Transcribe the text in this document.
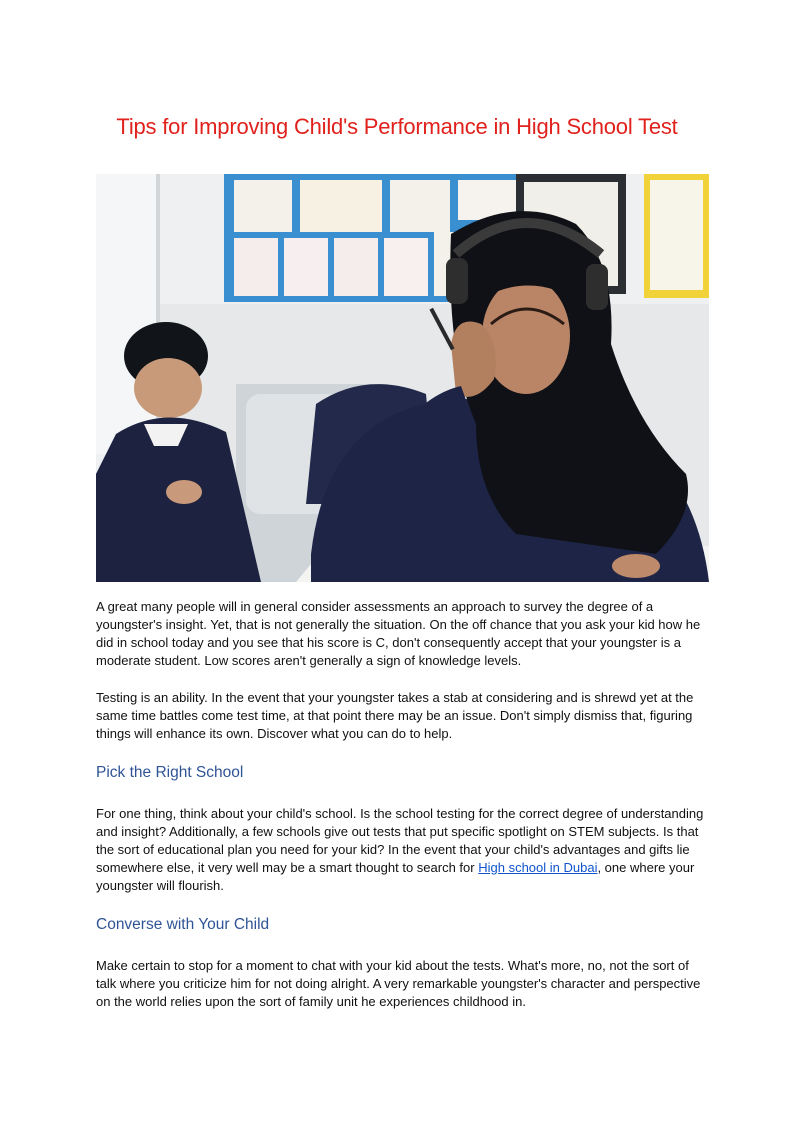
Tips for Improving Child's Performance in High School Test

A great many people will in general consider assessments an approach to survey the degree of a youngster's insight. Yet, that is not generally the situation. On the off chance that you ask your kid how he did in school today and you see that his score is C, don't consequently accept that your youngster is a moderate student. Low scores aren't generally a sign of knowledge levels.

Testing is an ability. In the event that your youngster takes a stab at considering and is shrewd yet at the same time battles come test time, at that point there may be an issue. Don't simply dismiss that, figuring things will enhance its own. Discover what you can do to help.

Pick the Right School

For one thing, think about your child's school. Is the school testing for the correct degree of understanding and insight? Additionally, a few schools give out tests that put specific spotlight on STEM subjects. Is that the sort of educational plan you need for your kid? In the event that your child's advantages and gifts lie somewhere else, it very well may be a smart thought to search for High school in Dubai, one where your youngster will flourish.

Converse with Your Child

Make certain to stop for a moment to chat with your kid about the tests. What's more, no, not the sort of talk where you criticize him for not doing alright. A very remarkable youngster's character and perspective on the world relies upon the sort of family unit he experiences childhood in.
